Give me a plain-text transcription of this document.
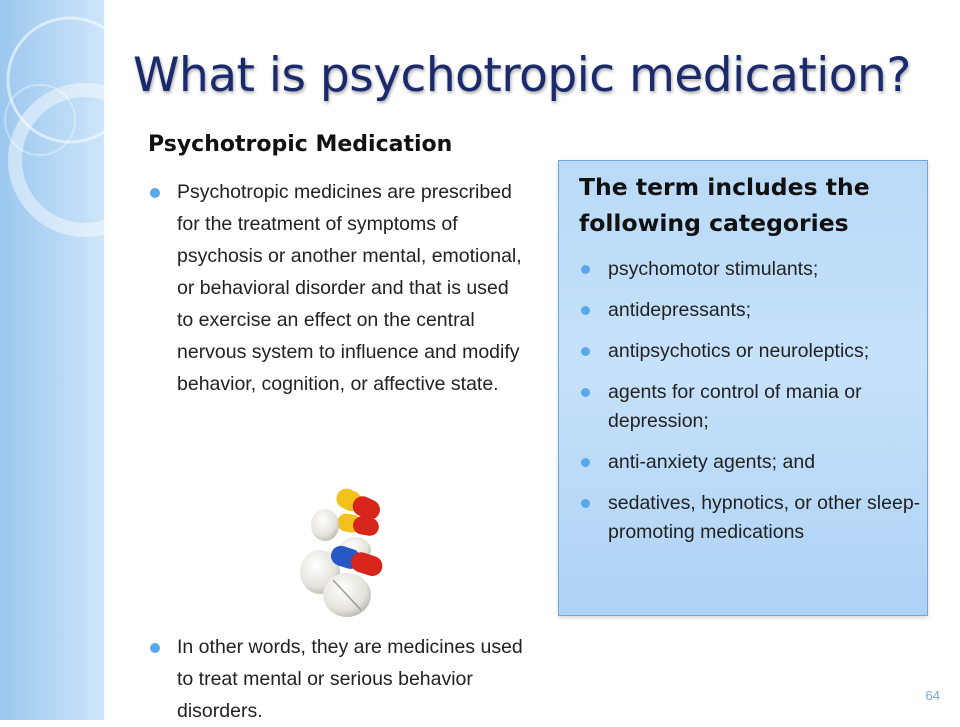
What is psychotropic medication?
Psychotropic Medication
Psychotropic medicines are prescribed for the treatment of symptoms of psychosis or another mental, emotional, or behavioral disorder and that is used to exercise an effect on the central nervous system to influence and modify behavior, cognition, or affective state.
In other words, they are medicines used to treat mental or serious behavior disorders.
The term includes the following categories
psychomotor stimulants;
antidepressants;
antipsychotics or neuroleptics;
agents for control of mania or depression;
anti-anxiety agents; and
sedatives, hypnotics, or other sleep-promoting medications
64
